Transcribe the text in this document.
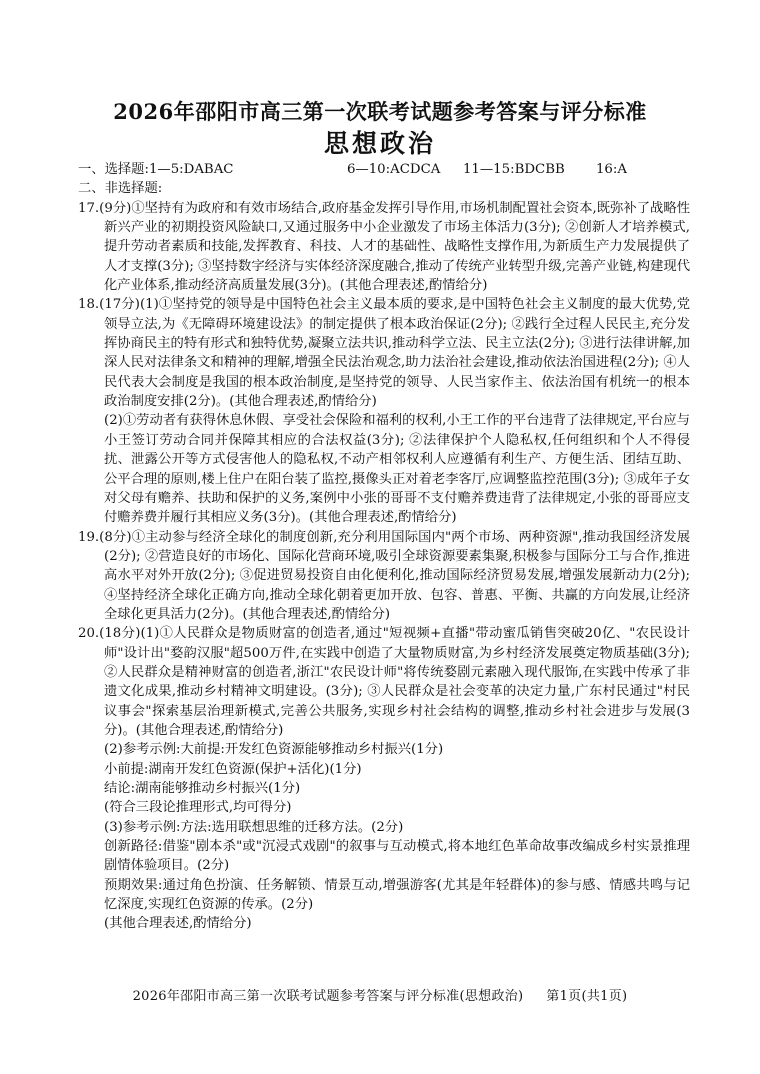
2026年邵阳市高三第一次联考试题参考答案与评分标准
思想政治
一、选择题: 1—5:DABAC	6—10:ACDCA	11—15:BDCBB	16:A
二、非选择题:
17.(9分)①坚持有为政府和有效市场结合,政府基金发挥引导作用,市场机制配置社会资本,既弥补了战略性新兴产业的初期投资风险缺口,又通过服务中小企业激发了市场主体活力(3分); ②创新人才培养模式,提升劳动者素质和技能,发挥教育、科技、人才的基础性、战略性支撑作用,为新质生产力发展提供了人才支撑(3分); ③坚持数字经济与实体经济深度融合,推动了传统产业转型升级,完善产业链,构建现代化产业体系,推动经济高质量发展(3分)。(其他合理表述,酌情给分)
18.(17分)(1)①坚持党的领导是中国特色社会主义最本质的要求,是中国特色社会主义制度的最大优势,党领导立法,为《无障碍环境建设法》的制定提供了根本政治保证(2分); ②践行全过程人民民主,充分发挥协商民主的特有形式和独特优势,凝聚立法共识,推动科学立法、民主立法(2分); ③进行法律讲解,加深人民对法律条文和精神的理解,增强全民法治观念,助力法治社会建设,推动依法治国进程(2分); ④人民代表大会制度是我国的根本政治制度,是坚持党的领导、人民当家作主、依法治国有机统一的根本政治制度安排(2分)。(其他合理表述,酌情给分)
(2)①劳动者有获得休息休假、享受社会保险和福利的权利,小王工作的平台违背了法律规定,平台应与小王签订劳动合同并保障其相应的合法权益(3分); ②法律保护个人隐私权,任何组织和个人不得侵扰、泄露公开等方式侵害他人的隐私权,不动产相邻权利人应遵循有利生产、方便生活、团结互助、公平合理的原则,楼上住户在阳台装了监控,摄像头正对着老李客厅,应调整监控范围(3分); ③成年子女对父母有赡养、扶助和保护的义务,案例中小张的哥哥不支付赡养费违背了法律规定,小张的哥哥应支付赡养费并履行其相应义务(3分)。(其他合理表述,酌情给分)
19.(8分)①主动参与经济全球化的制度创新,充分利用国际国内"两个市场、两种资源",推动我国经济发展(2分); ②营造良好的市场化、国际化营商环境,吸引全球资源要素集聚,积极参与国际分工与合作,推进高水平对外开放(2分); ③促进贸易投资自由化便利化,推动国际经济贸易发展,增强发展新动力(2分); ④坚持经济全球化正确方向,推动全球化朝着更加开放、包容、普惠、平衡、共赢的方向发展,让经济全球化更具活力(2分)。(其他合理表述,酌情给分)
20.(18分)(1)①人民群众是物质财富的创造者,通过"短视频+直播"带动蜜瓜销售突破20亿、"农民设计师"设计出"婺韵汉服"超500万件,在实践中创造了大量物质财富,为乡村经济发展奠定物质基础(3分); ②人民群众是精神财富的创造者,浙江"农民设计师"将传统婺剧元素融入现代服饰,在实践中传承了非遗文化成果,推动乡村精神文明建设。(3分); ③人民群众是社会变革的决定力量,广东村民通过"村民议事会"探索基层治理新模式,完善公共服务,实现乡村社会结构的调整,推动乡村社会进步与发展(3分)。(其他合理表述,酌情给分)
(2)参考示例:大前提:开发红色资源能够推动乡村振兴(1分)
小前提:湖南开发红色资源(保护+活化)(1分)
结论:湖南能够推动乡村振兴(1分)
(符合三段论推理形式,均可得分)
(3)参考示例:方法:选用联想思维的迁移方法。(2分)
创新路径:借鉴"剧本杀"或"沉浸式戏剧"的叙事与互动模式,将本地红色革命故事改编成乡村实景推理剧情体验项目。(2分)
预期效果:通过角色扮演、任务解锁、情景互动,增强游客(尤其是年轻群体)的参与感、情感共鸣与记忆深度,实现红色资源的传承。(2分)
(其他合理表述,酌情给分)
2026年邵阳市高三第一次联考试题参考答案与评分标准(思想政治) 第1页(共1页)
